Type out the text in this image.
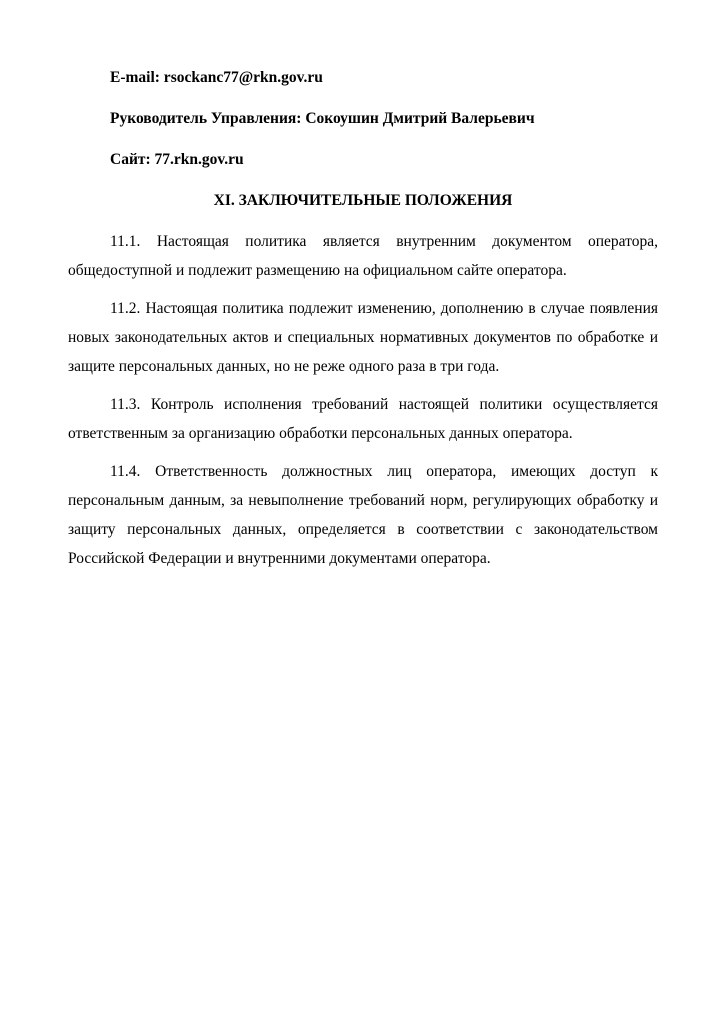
E-mail: rsockanc77@rkn.gov.ru

Руководитель Управления: Сокоушин Дмитрий Валерьевич

Сайт: 77.rkn.gov.ru

XI. ЗАКЛЮЧИТЕЛЬНЫЕ ПОЛОЖЕНИЯ

11.1. Настоящая политика является внутренним документом оператора, общедоступной и подлежит размещению на официальном сайте оператора.

11.2. Настоящая политика подлежит изменению, дополнению в случае появления новых законодательных актов и специальных нормативных документов по обработке и защите персональных данных, но не реже одного раза в три года.

11.3. Контроль исполнения требований настоящей политики осуществляется ответственным за организацию обработки персональных данных оператора.

11.4. Ответственность должностных лиц оператора, имеющих доступ к персональным данным, за невыполнение требований норм, регулирующих обработку и защиту персональных данных, определяется в соответствии с законодательством Российской Федерации и внутренними документами оператора.
